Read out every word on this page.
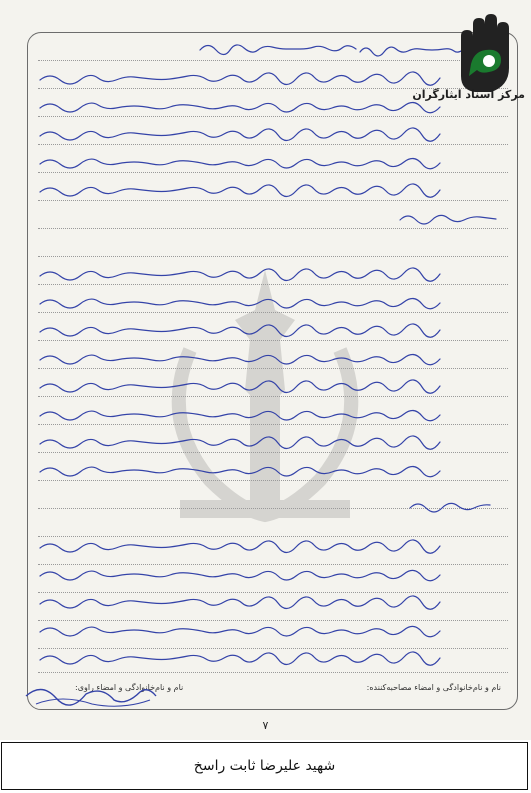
مرکز اسناد ایثارگران
نام و نام‌خانوادگی و امضاء مصاحبه‌کننده:
نام و نام‌خانوادگی و امضاء راوی:
۷
شهید علیرضا ثابت راسخ
